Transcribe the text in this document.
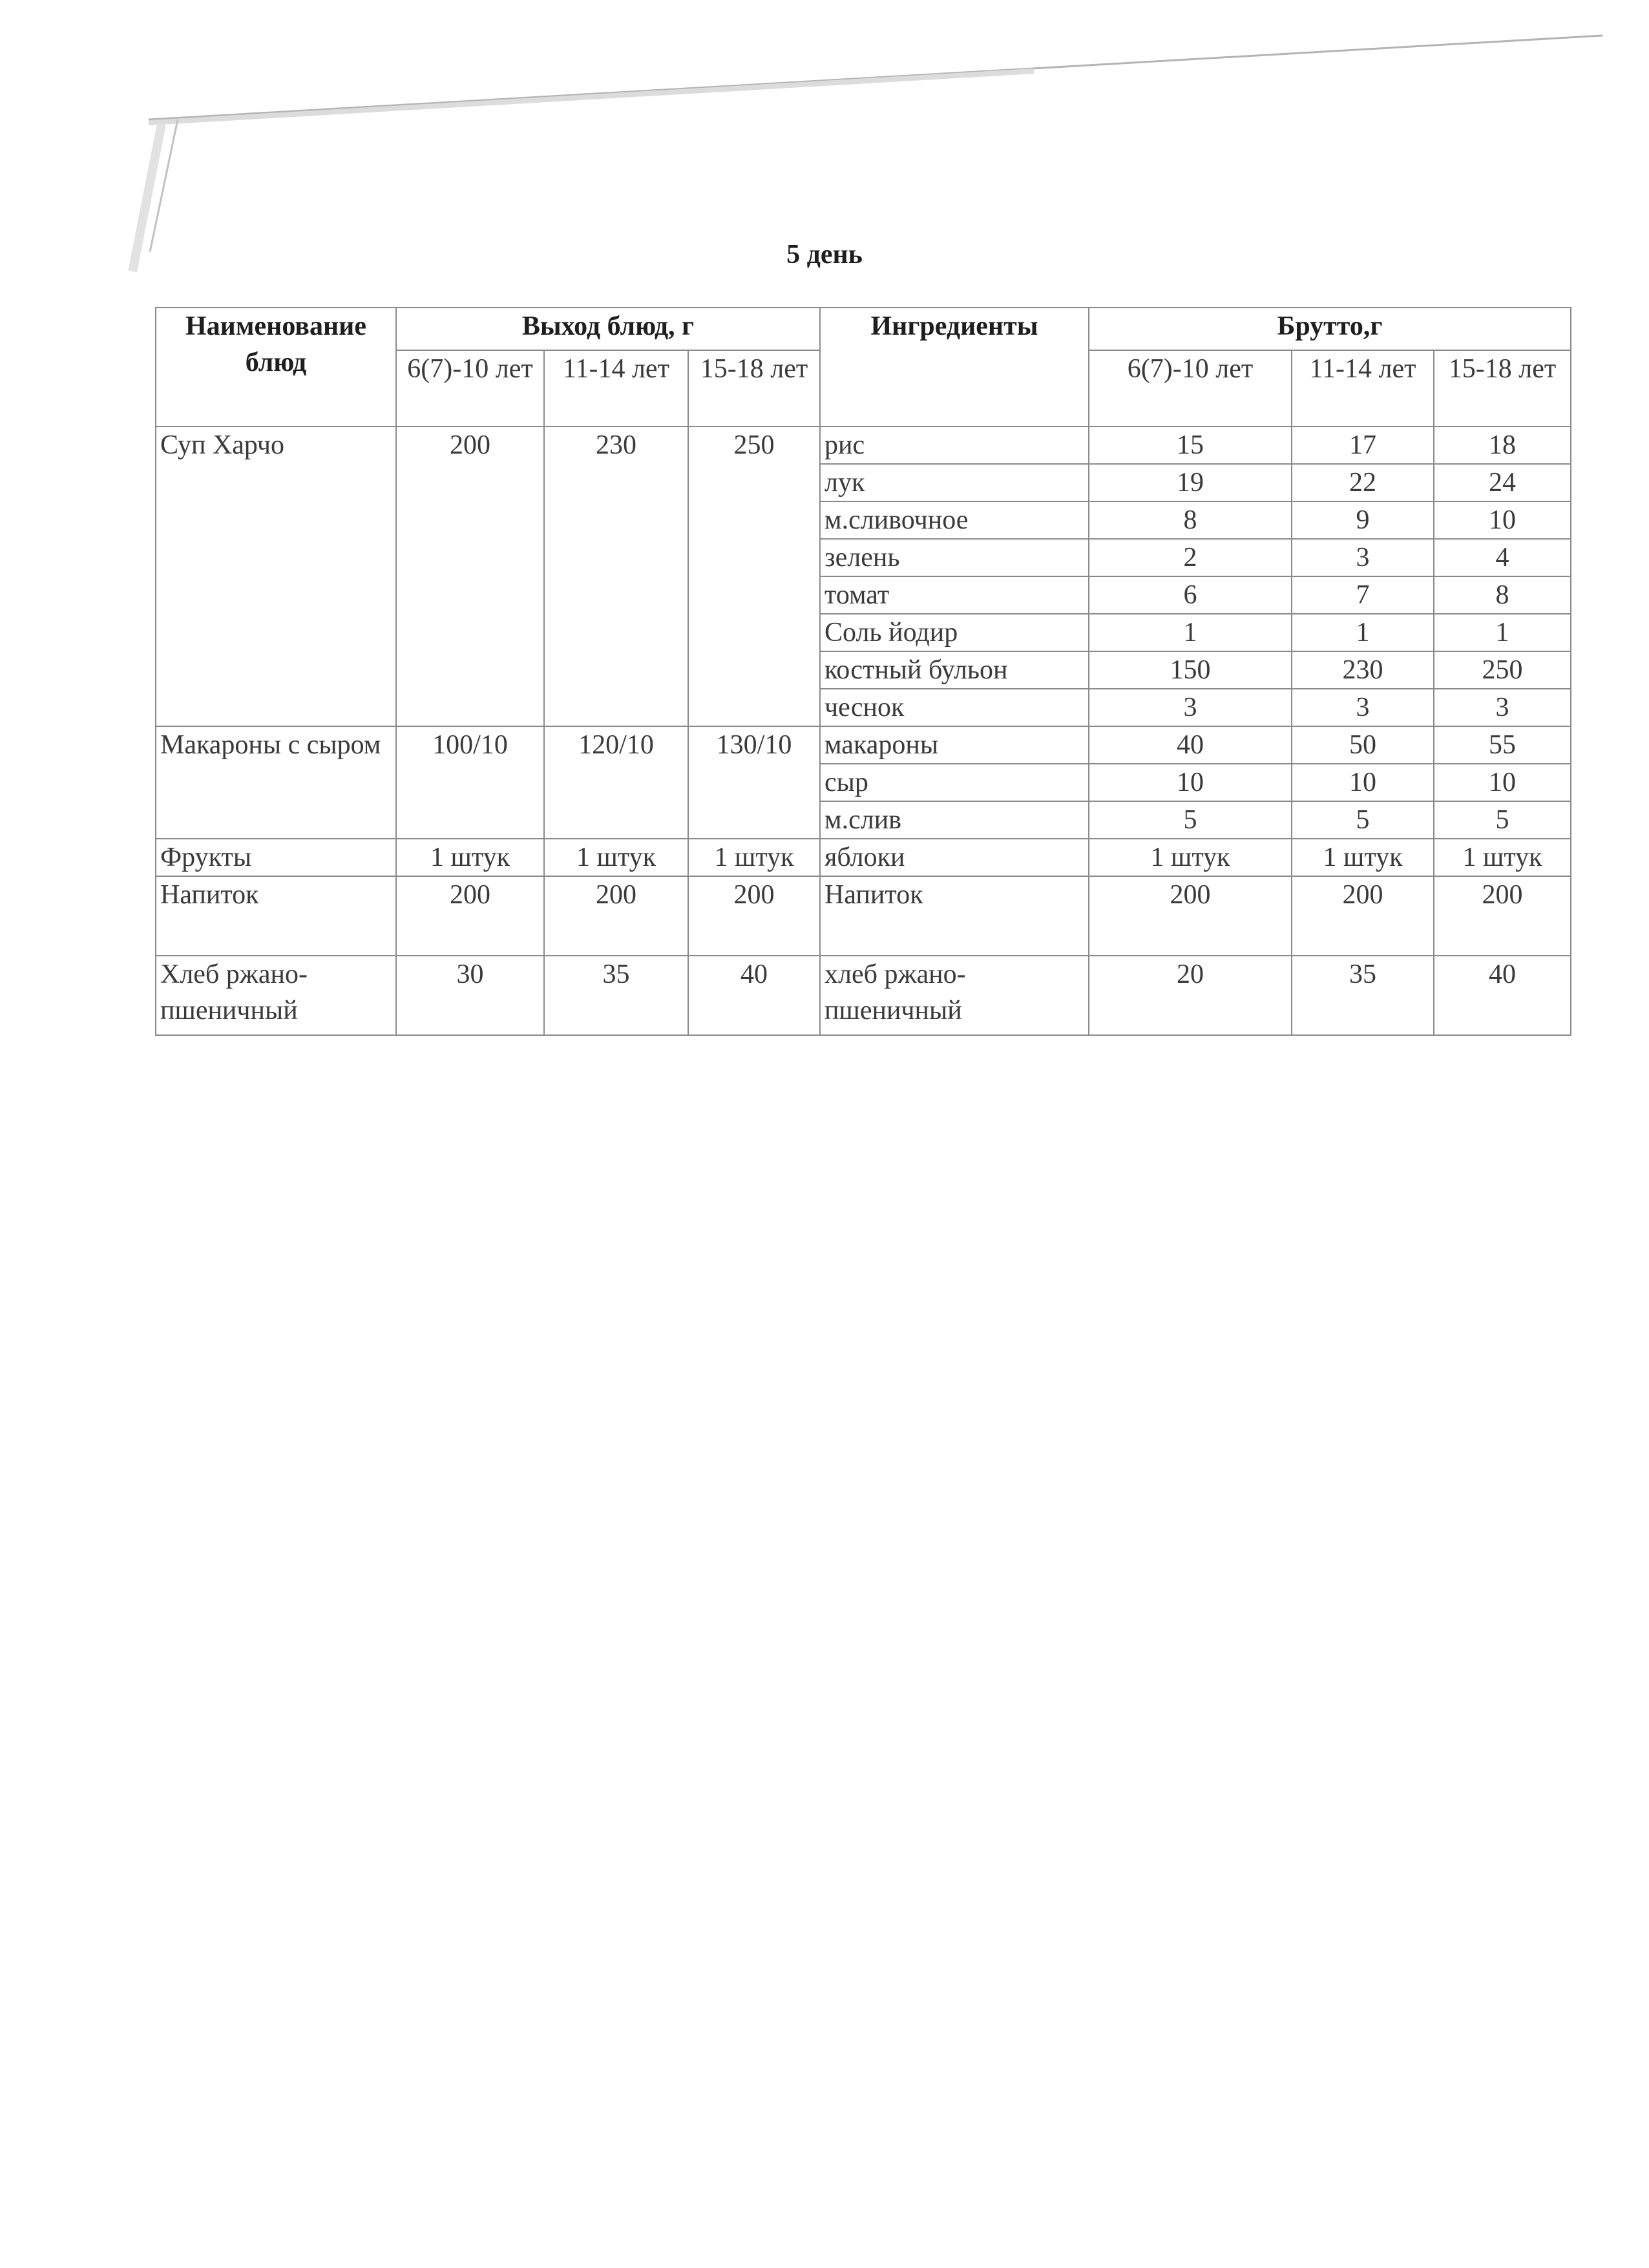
5 день
Наименование блюд	Выход блюд, г			Ингредиенты	Брутто,г		
	6(7)-10 лет	11-14 лет	15-18 лет		6(7)-10 лет	11-14 лет	15-18 лет
Суп Харчо	200	230	250	рис	15	17	18
				лук	19	22	24
				м.сливочное	8	9	10
				зелень	2	3	4
				томат	6	7	8
				Соль йодир	1	1	1
				костный бульон	150	230	250
				чеснок	3	3	3
Макароны с сыром	100/10	120/10	130/10	макароны	40	50	55
				сыр	10	10	10
				м.слив	5	5	5
Фрукты	1 штук	1 штук	1 штук	яблоки	1 штук	1 штук	1 штук
Напиток	200	200	200	Напиток	200	200	200
Хлеб ржано-пшеничный	30	35	40	хлеб ржано-пшеничный	20	35	40
